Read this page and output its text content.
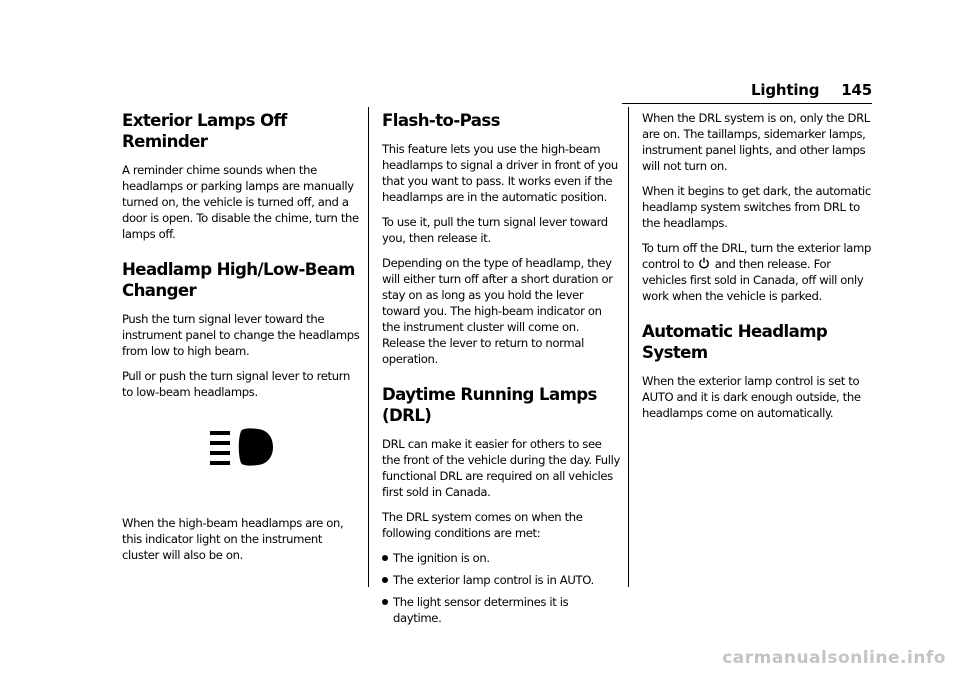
Lighting 145
Exterior Lamps Off Reminder

A reminder chime sounds when the headlamps or parking lamps are manually turned on, the vehicle is turned off, and a door is open. To disable the chime, turn the lamps off.

Headlamp High/Low-Beam Changer

Push the turn signal lever toward the instrument panel to change the headlamps from low to high beam.

Pull or push the turn signal lever to return to low-beam headlamps.

When the high-beam headlamps are on, this indicator light on the instrument cluster will also be on.

Flash-to-Pass

This feature lets you use the high-beam headlamps to signal a driver in front of you that you want to pass. It works even if the headlamps are in the automatic position.

To use it, pull the turn signal lever toward you, then release it.

Depending on the type of headlamp, they will either turn off after a short duration or stay on as long as you hold the lever toward you. The high-beam indicator on the instrument cluster will come on. Release the lever to return to normal operation.

Daytime Running Lamps (DRL)

DRL can make it easier for others to see the front of the vehicle during the day. Fully functional DRL are required on all vehicles first sold in Canada.

The DRL system comes on when the following conditions are met:

The ignition is on.
The exterior lamp control is in AUTO.
The light sensor determines it is daytime.

When the DRL system is on, only the DRL are on. The taillamps, sidemarker lamps, instrument panel lights, and other lamps will not turn on.

When it begins to get dark, the automatic headlamp system switches from DRL to the headlamps.

To turn off the DRL, turn the exterior lamp control to and then release. For vehicles first sold in Canada, off will only work when the vehicle is parked.

Automatic Headlamp System

When the exterior lamp control is set to AUTO and it is dark enough outside, the headlamps come on automatically.

carmanualsonline.info
